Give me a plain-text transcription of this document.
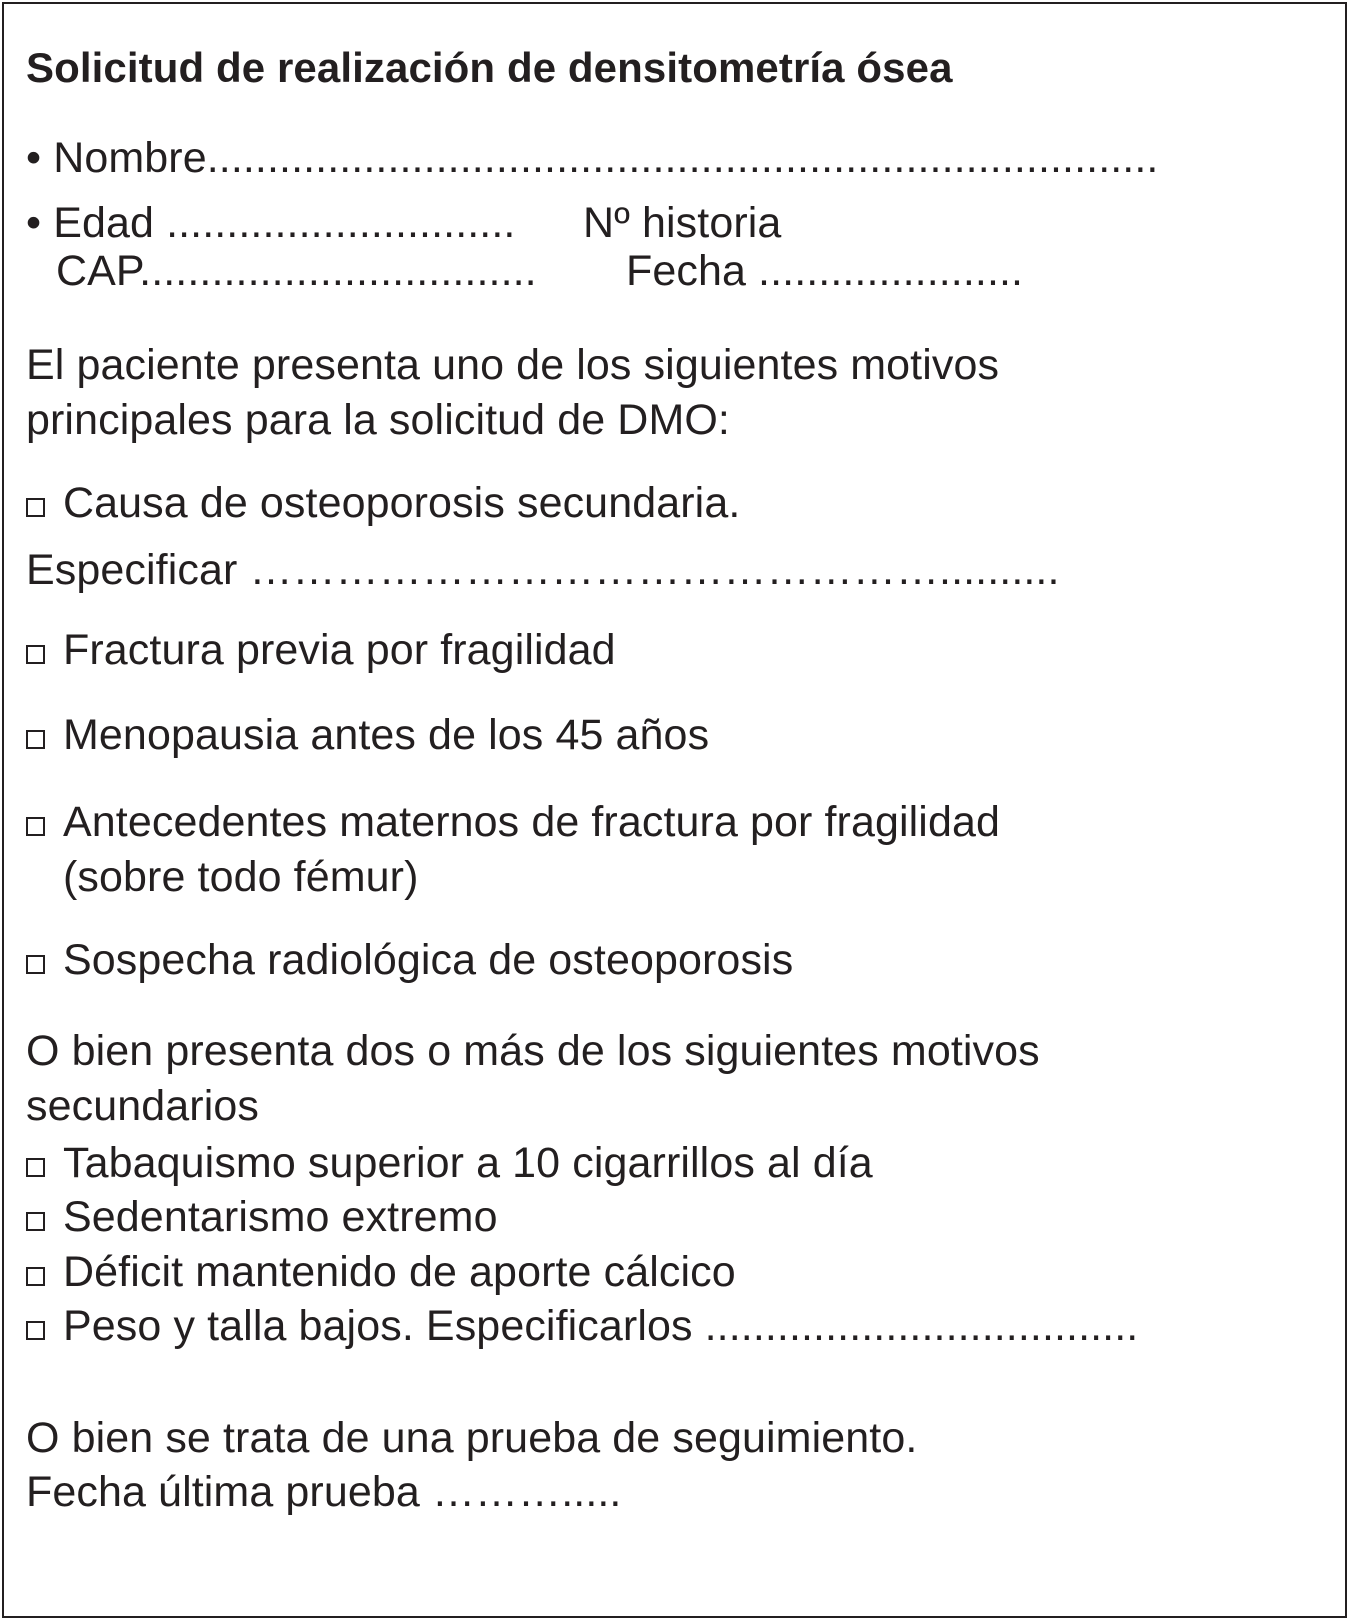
Solicitud de realización de densitometría ósea
• Nombre...............................................................................
• Edad ............................. Nº historia
CAP................................. Fecha ......................
El paciente presenta uno de los siguientes motivos
principales para la solicitud de DMO:
Causa de osteoporosis secundaria.
Especificar …………………………………………..........
Fractura previa por fragilidad
Menopausia antes de los 45 años
Antecedentes maternos de fractura por fragilidad
(sobre todo fémur)
Sospecha radiológica de osteoporosis
O bien presenta dos o más de los siguientes motivos
secundarios
Tabaquismo superior a 10 cigarrillos al día
Sedentarismo extremo
Déficit mantenido de aporte cálcico
Peso y talla bajos. Especificarlos ....................................
O bien se trata de una prueba de seguimiento.
Fecha última prueba ……….....
